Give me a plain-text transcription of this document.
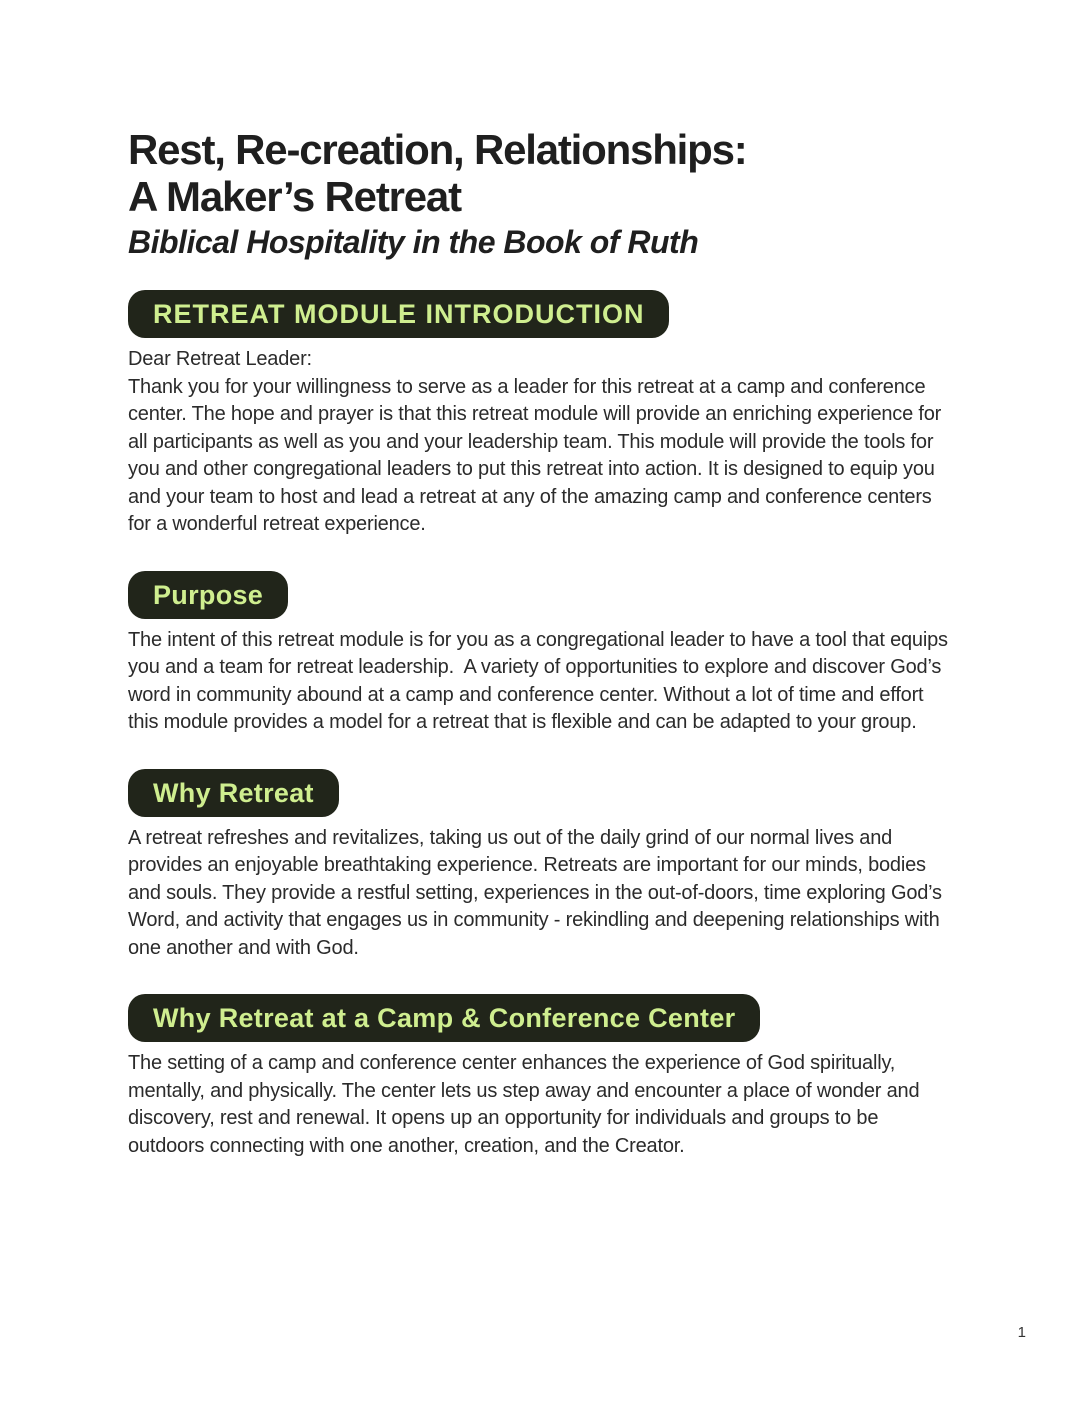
Rest, Re-creation, Relationships:
A Maker’s Retreat
Biblical Hospitality in the Book of Ruth
RETREAT MODULE INTRODUCTION

Dear Retreat Leader:

Thank you for your willingness to serve as a leader for this retreat at a camp and conference center. The hope and prayer is that this retreat module will provide an enriching experience for all participants as well as you and your leadership team. This module will provide the tools for you and other congregational leaders to put this retreat into action. It is designed to equip you and your team to host and lead a retreat at any of the amazing camp and conference centers for a wonderful retreat experience.

Purpose

The intent of this retreat module is for you as a congregational leader to have a tool that equips you and a team for retreat leadership.  A variety of opportunities to explore and discover God’s word in community abound at a camp and conference center. Without a lot of time and effort this module provides a model for a retreat that is flexible and can be adapted to your group.

Why Retreat

A retreat refreshes and revitalizes, taking us out of the daily grind of our normal lives and provides an enjoyable breathtaking experience. Retreats are important for our minds, bodies and souls. They provide a restful setting, experiences in the out-of-doors, time exploring God’s Word, and activity that engages us in community - rekindling and deepening relationships with one another and with God.

Why Retreat at a Camp & Conference Center

The setting of a camp and conference center enhances the experience of God spiritually, mentally, and physically. The center lets us step away and encounter a place of wonder and discovery, rest and renewal. It opens up an opportunity for individuals and groups to be outdoors connecting with one another, creation, and the Creator.

1
